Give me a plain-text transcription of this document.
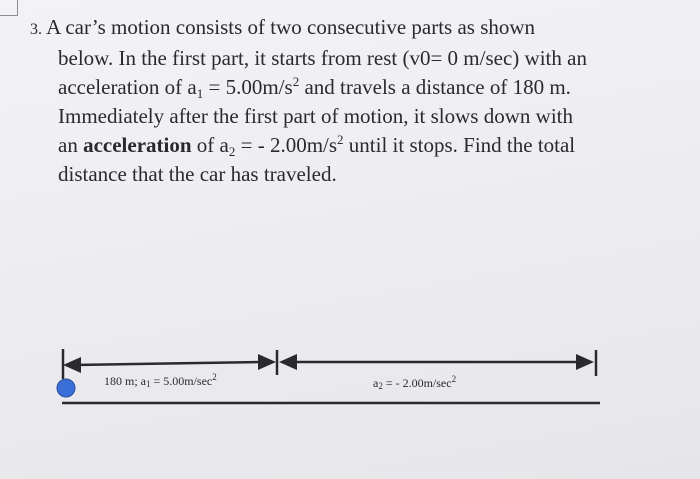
3. A car’s motion consists of two consecutive parts as shown
below. In the first part, it starts from rest (v0= 0 m/sec) with an
acceleration of $a_1 = 5.00m/s^2$ and travels a distance of 180 m.
Immediately after the first part of motion, it slows down with
an acceleration of $a_2$ = - $2.00m/s^2$ until it stops. Find the total
distance that the car has traveled.
180 m; $a_1 = 5.00m/\sec^2$	$a_2$ = - $2.00m/\sec^2$
